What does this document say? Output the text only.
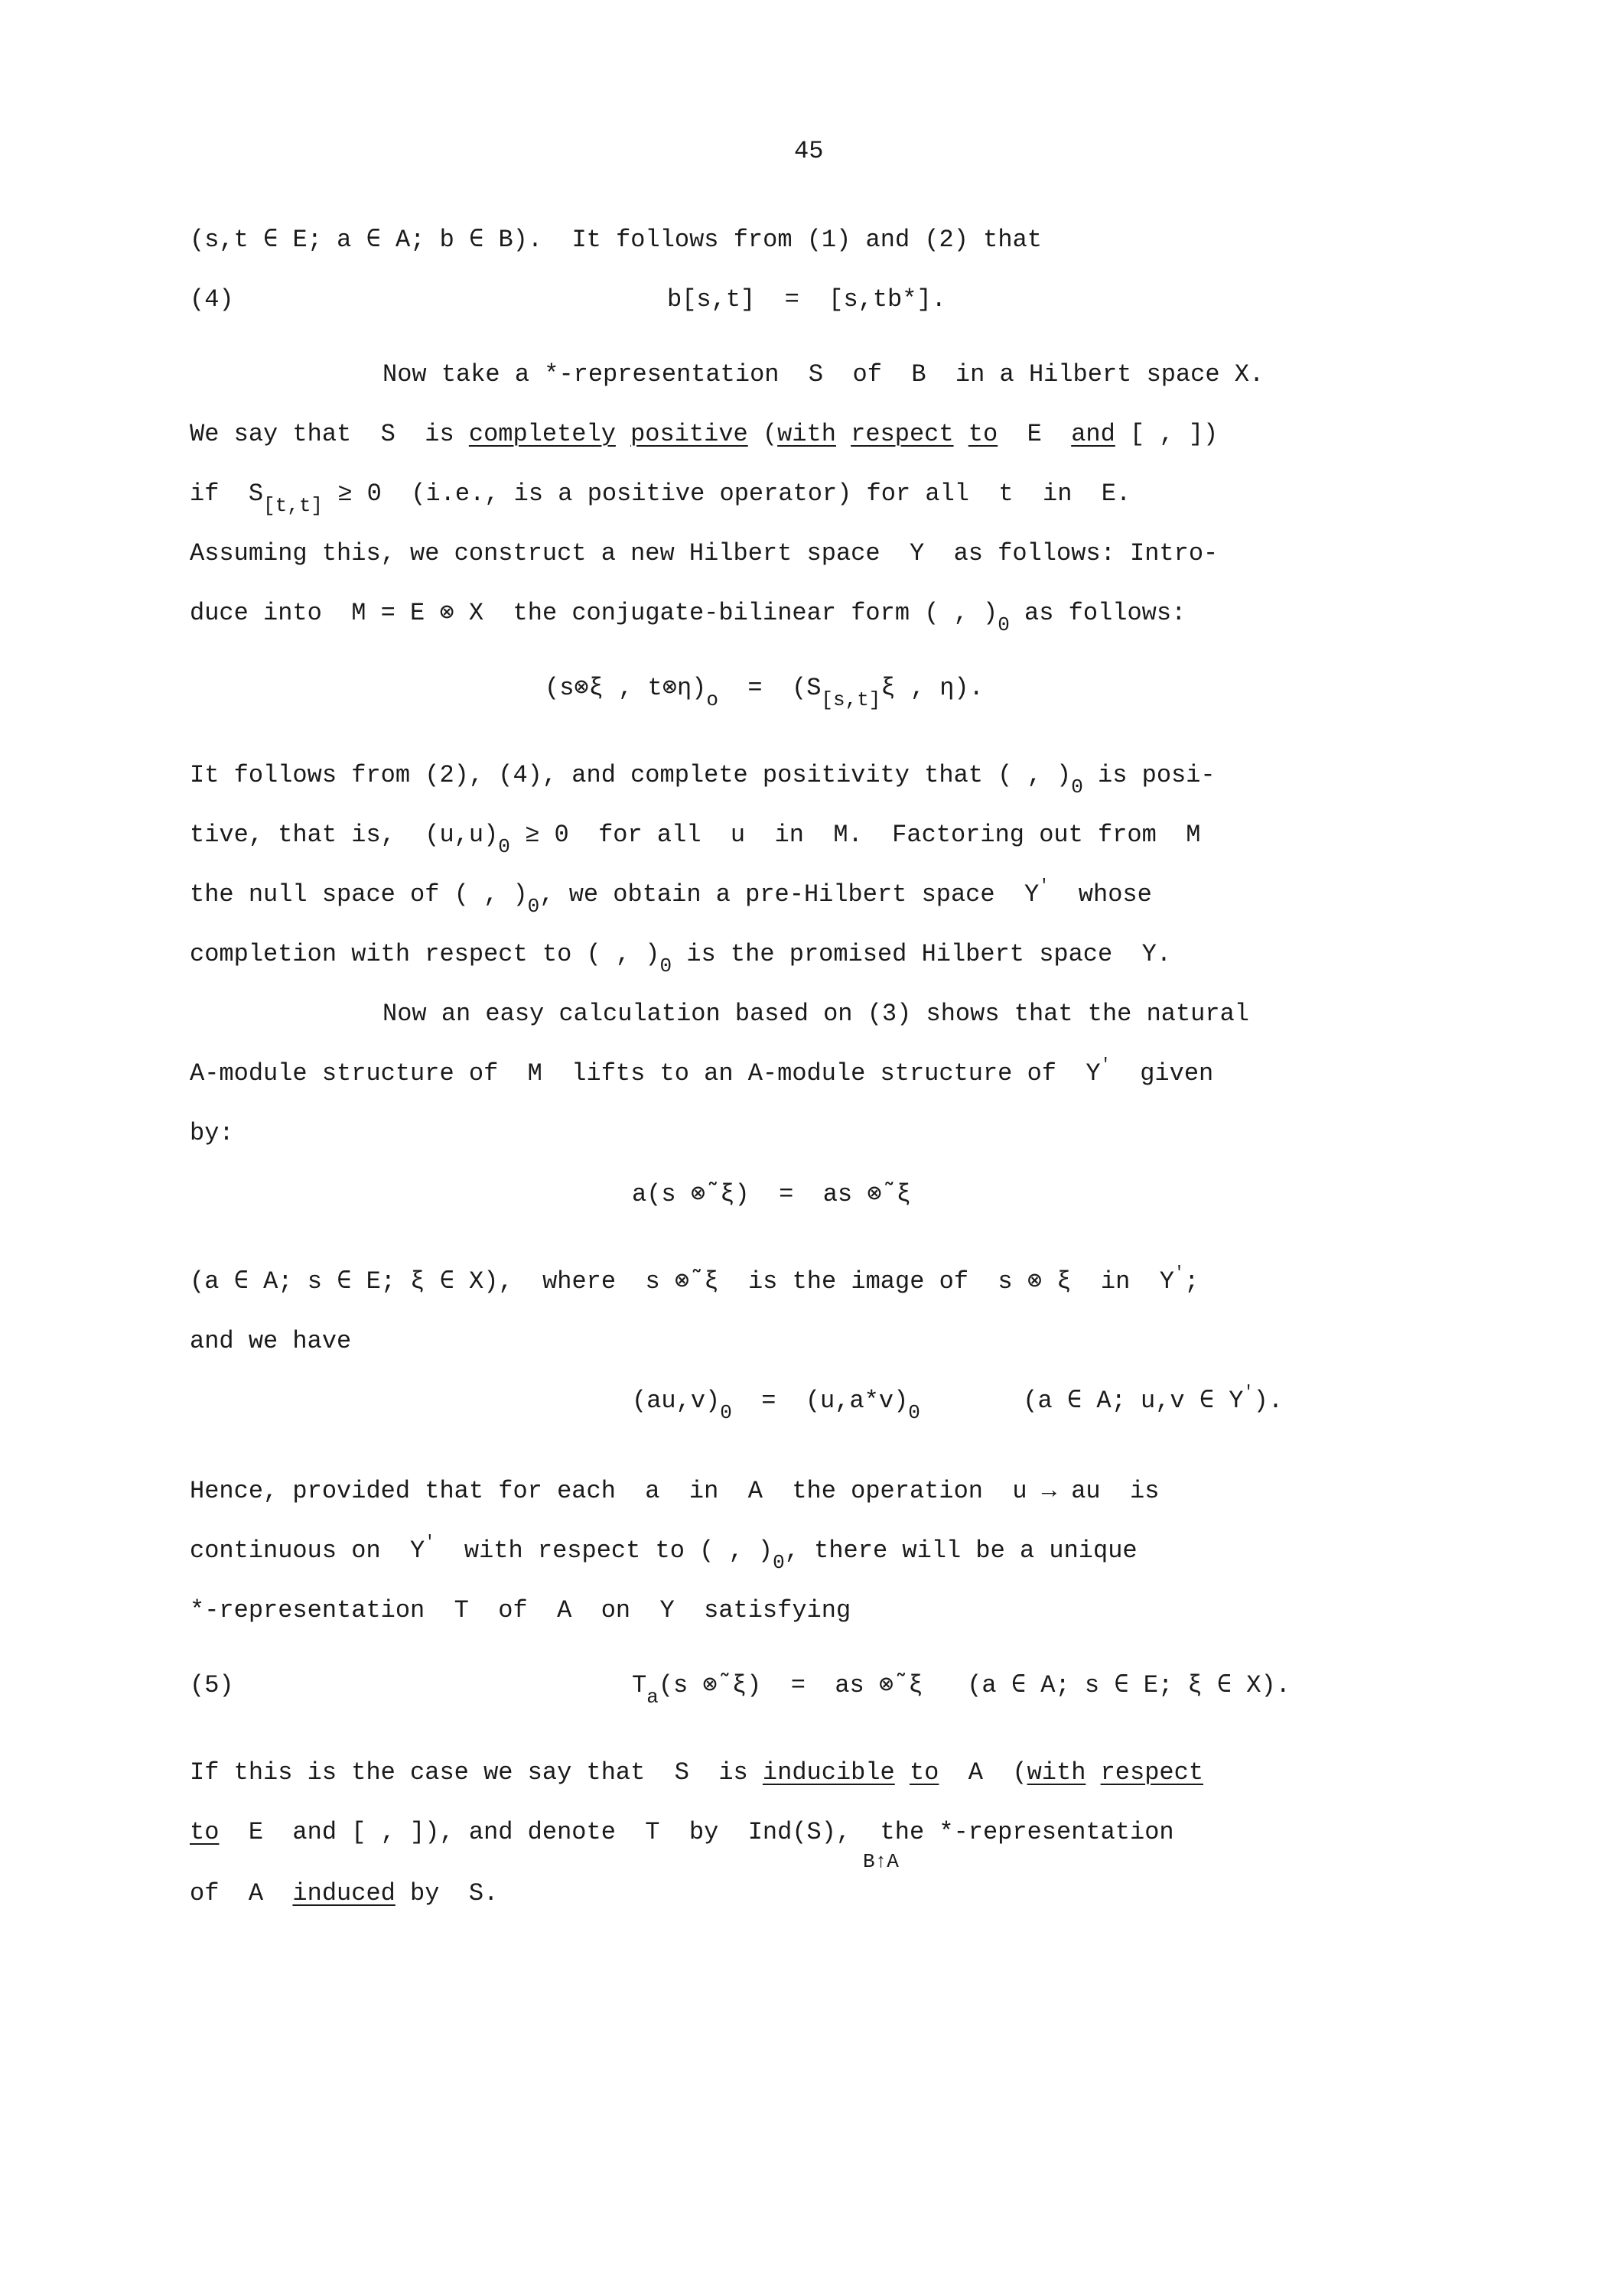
45
(s,t ∈ E; a ∈ A; b ∈ B).  It follows from (1) and (2) that
(4)	b[s,t]  =  [s,tb*].
Now take a *-representation  S  of  B  in a Hilbert space X.
We say that  S  is completely positive (with respect to  E  and [ , ])
if  $S_{[t,t]} \ge 0$  (i.e., is a positive operator) for all  t  in  E.
Assuming this, we construct a new Hilbert space  Y  as follows: Intro-
duce into  M = E ⊗ X  the conjugate-bilinear form ( , )$_0$ as follows:
(s⊗ξ , $t\otimes\eta)_o = (S_{[s,t]}\xi$ , η).
It follows from (2), (4), and complete positivity that ( , )$_0$ is posi-
tive, that is,  $(u,u)_0 \ge 0$  for all  u  in  M.  Factoring out from  M
the null space of ( , )$_0$, we obtain a pre-Hilbert space  Y'  whose
completion with respect to ( , )$_0$ is the promised Hilbert space  Y.
Now an easy calculation based on (3) shows that the natural
A-module structure of  M  lifts to an A-module structure of  Y'  given
by:
a(s ⊗̃ ξ)  =  as ⊗̃ ξ
(a ∈ A; s ∈ E; ξ ∈ X),  where  s ⊗̃ ξ  is the image of  s ⊗ ξ  in  Y';
and we have
$(au,v)_0 = (u,a*v)_0$       (a ∈ A; u,v ∈ Y').
Hence, provided that for each  a  in  A  the operation  u → au  is
continuous on  Y'  with respect to ( , )$_0$, there will be a unique
*-representation  T  of  A  on  Y  satisfying
(5)	$T_a(s$ ⊗̃ ξ)  =  as ⊗̃ ξ   (a ∈ A; s ∈ E; ξ ∈ X).
If this is the case we say that  S  is inducible to  A  (with respect
to  E  and [ , ]), and denote  T  by  Ind(S),  the *-representation
B↑A
of  A  induced by  S.
